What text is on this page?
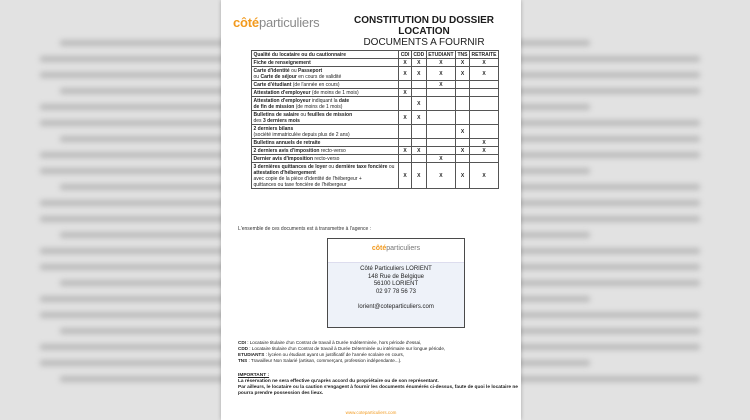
côtéparticuliers	CONSTITUTION DU DOSSIER LOCATION
DOCUMENTS A FOURNIR
Qualité du locataire ou du cautionnaire	CDI	CDD	ETUDIANT	TNS	RETRAITE
Fiche de renseignement	X	X	X	X	X
Carte d'identité ou Passeport
ou Carte de séjour en cours de validité	X	X	X	X	X
Carte d'étudiant (de l'année en cours)			X		
Attestation d'employeur (de moins de 1 mois)	X				
Attestation d'employeur indiquant la date
de fin de mission (de moins de 1 mois)		X			
Bulletins de salaire ou feuilles de mission
des 3 derniers mois	X	X			
2 derniers bilans
(société immatriculée depuis plus de 2 ans)				X	
Bulletins annuels de retraite					X
2 derniers avis d'imposition recto-verso	X	X		X	X
Dernier avis d'imposition recto-verso			X		
3 dernières quittances de loyer ou dernière taxe foncière ou attestation d'hébergement
avec copie de la pièce d'identité de l'hébergeur +
quittances ou taxe foncière de l'hébergeur	X	X	X	X	X
L'ensemble de ces documents est à transmettre à l'agence :
côtéparticuliers
Côté Particuliers LORIENT
148 Rue de Belgique
56100 LORIENT
02 97 78 56 73
lorient@coteparticuliers.com
CDI : Locataire titulaire d'un Contrat de travail à Durée Indéterminée, hors période d'essai,
CDD : Locataire titulaire d'un Contrat de travail à Durée Déterminée ou intérimaire sur longue période,
ETUDIANTS : lycéen ou étudiant ayant un justificatif de l'année scolaire en cours,
TNS : Travailleur Non Salarié (artisan, commerçant, profession indépendante...).
IMPORTANT :
La réservation ne sera effective qu'après accord du propriétaire ou de son représentant.
Par ailleurs, le locataire ou la caution s'engagent à fournir les documents énumérés ci-dessus, faute de quoi le locataire ne pourra prendre possession des lieux.
www.coteparticuliers.com
